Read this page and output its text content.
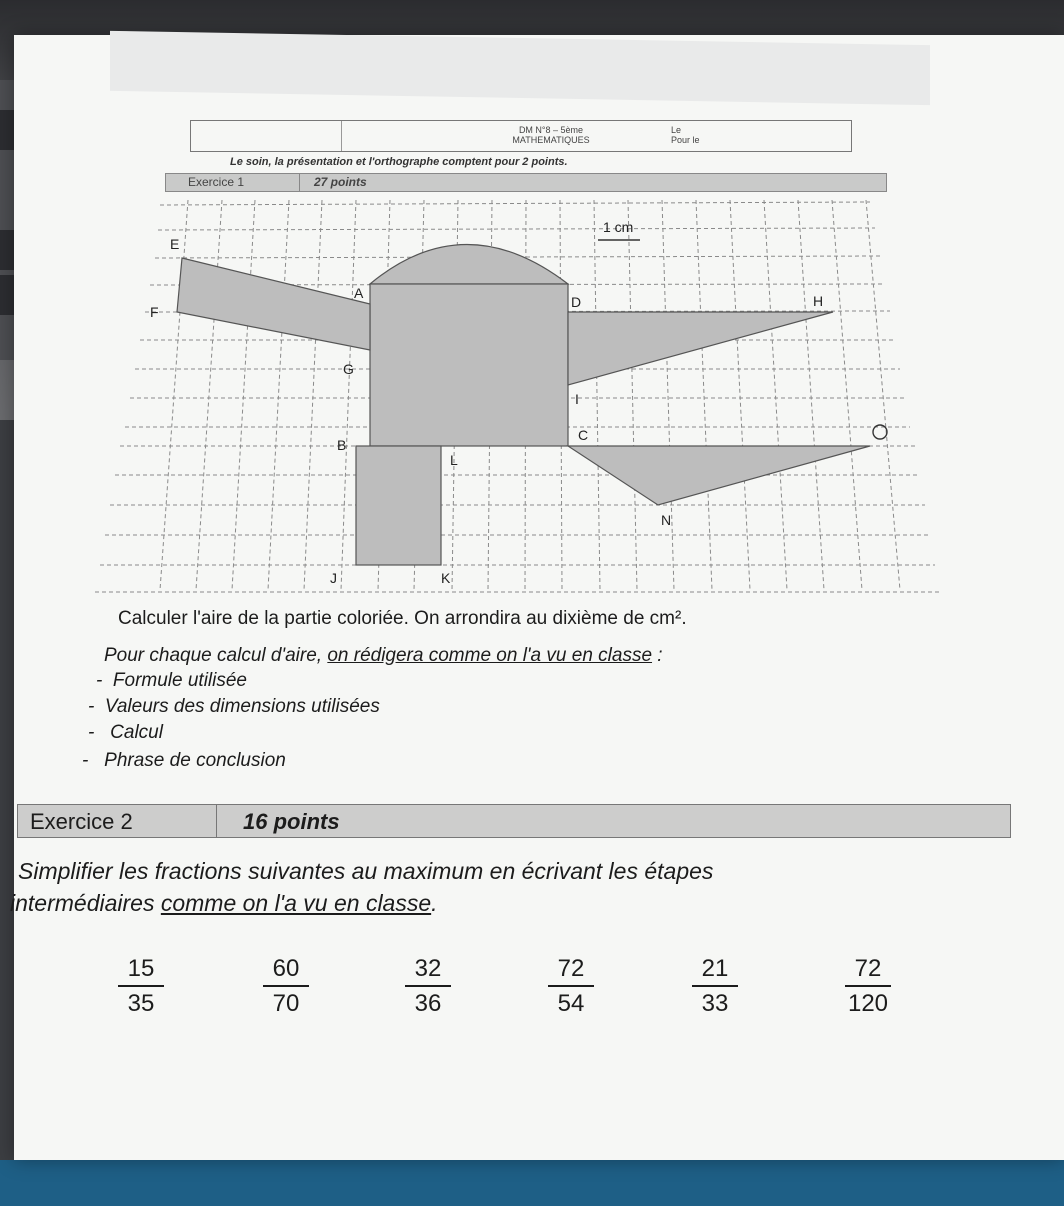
DM N°8 – 5ème
MATHEMATIQUES
Le
Pour le
Le soin, la présentation et l'orthographe comptent pour 2 points.
Exercice 1	27 points
1 cm
A
B
C
D
E
F
G
H
I
J	K
L
N
O
Calculer l'aire de la partie coloriée. On arrondira au dixième de cm².
Pour chaque calcul d'aire, on rédigera comme on l'a vu en classe :
-  Formule utilisée
-  Valeurs des dimensions utilisées
-   Calcul
-   Phrase de conclusion
Exercice 2	16 points
Simplifier les fractions suivantes au maximum en écrivant les étapes
intermédiaires comme on l'a vu en classe.
15
35
60
70
32
36
72
54
21
33
72
120
